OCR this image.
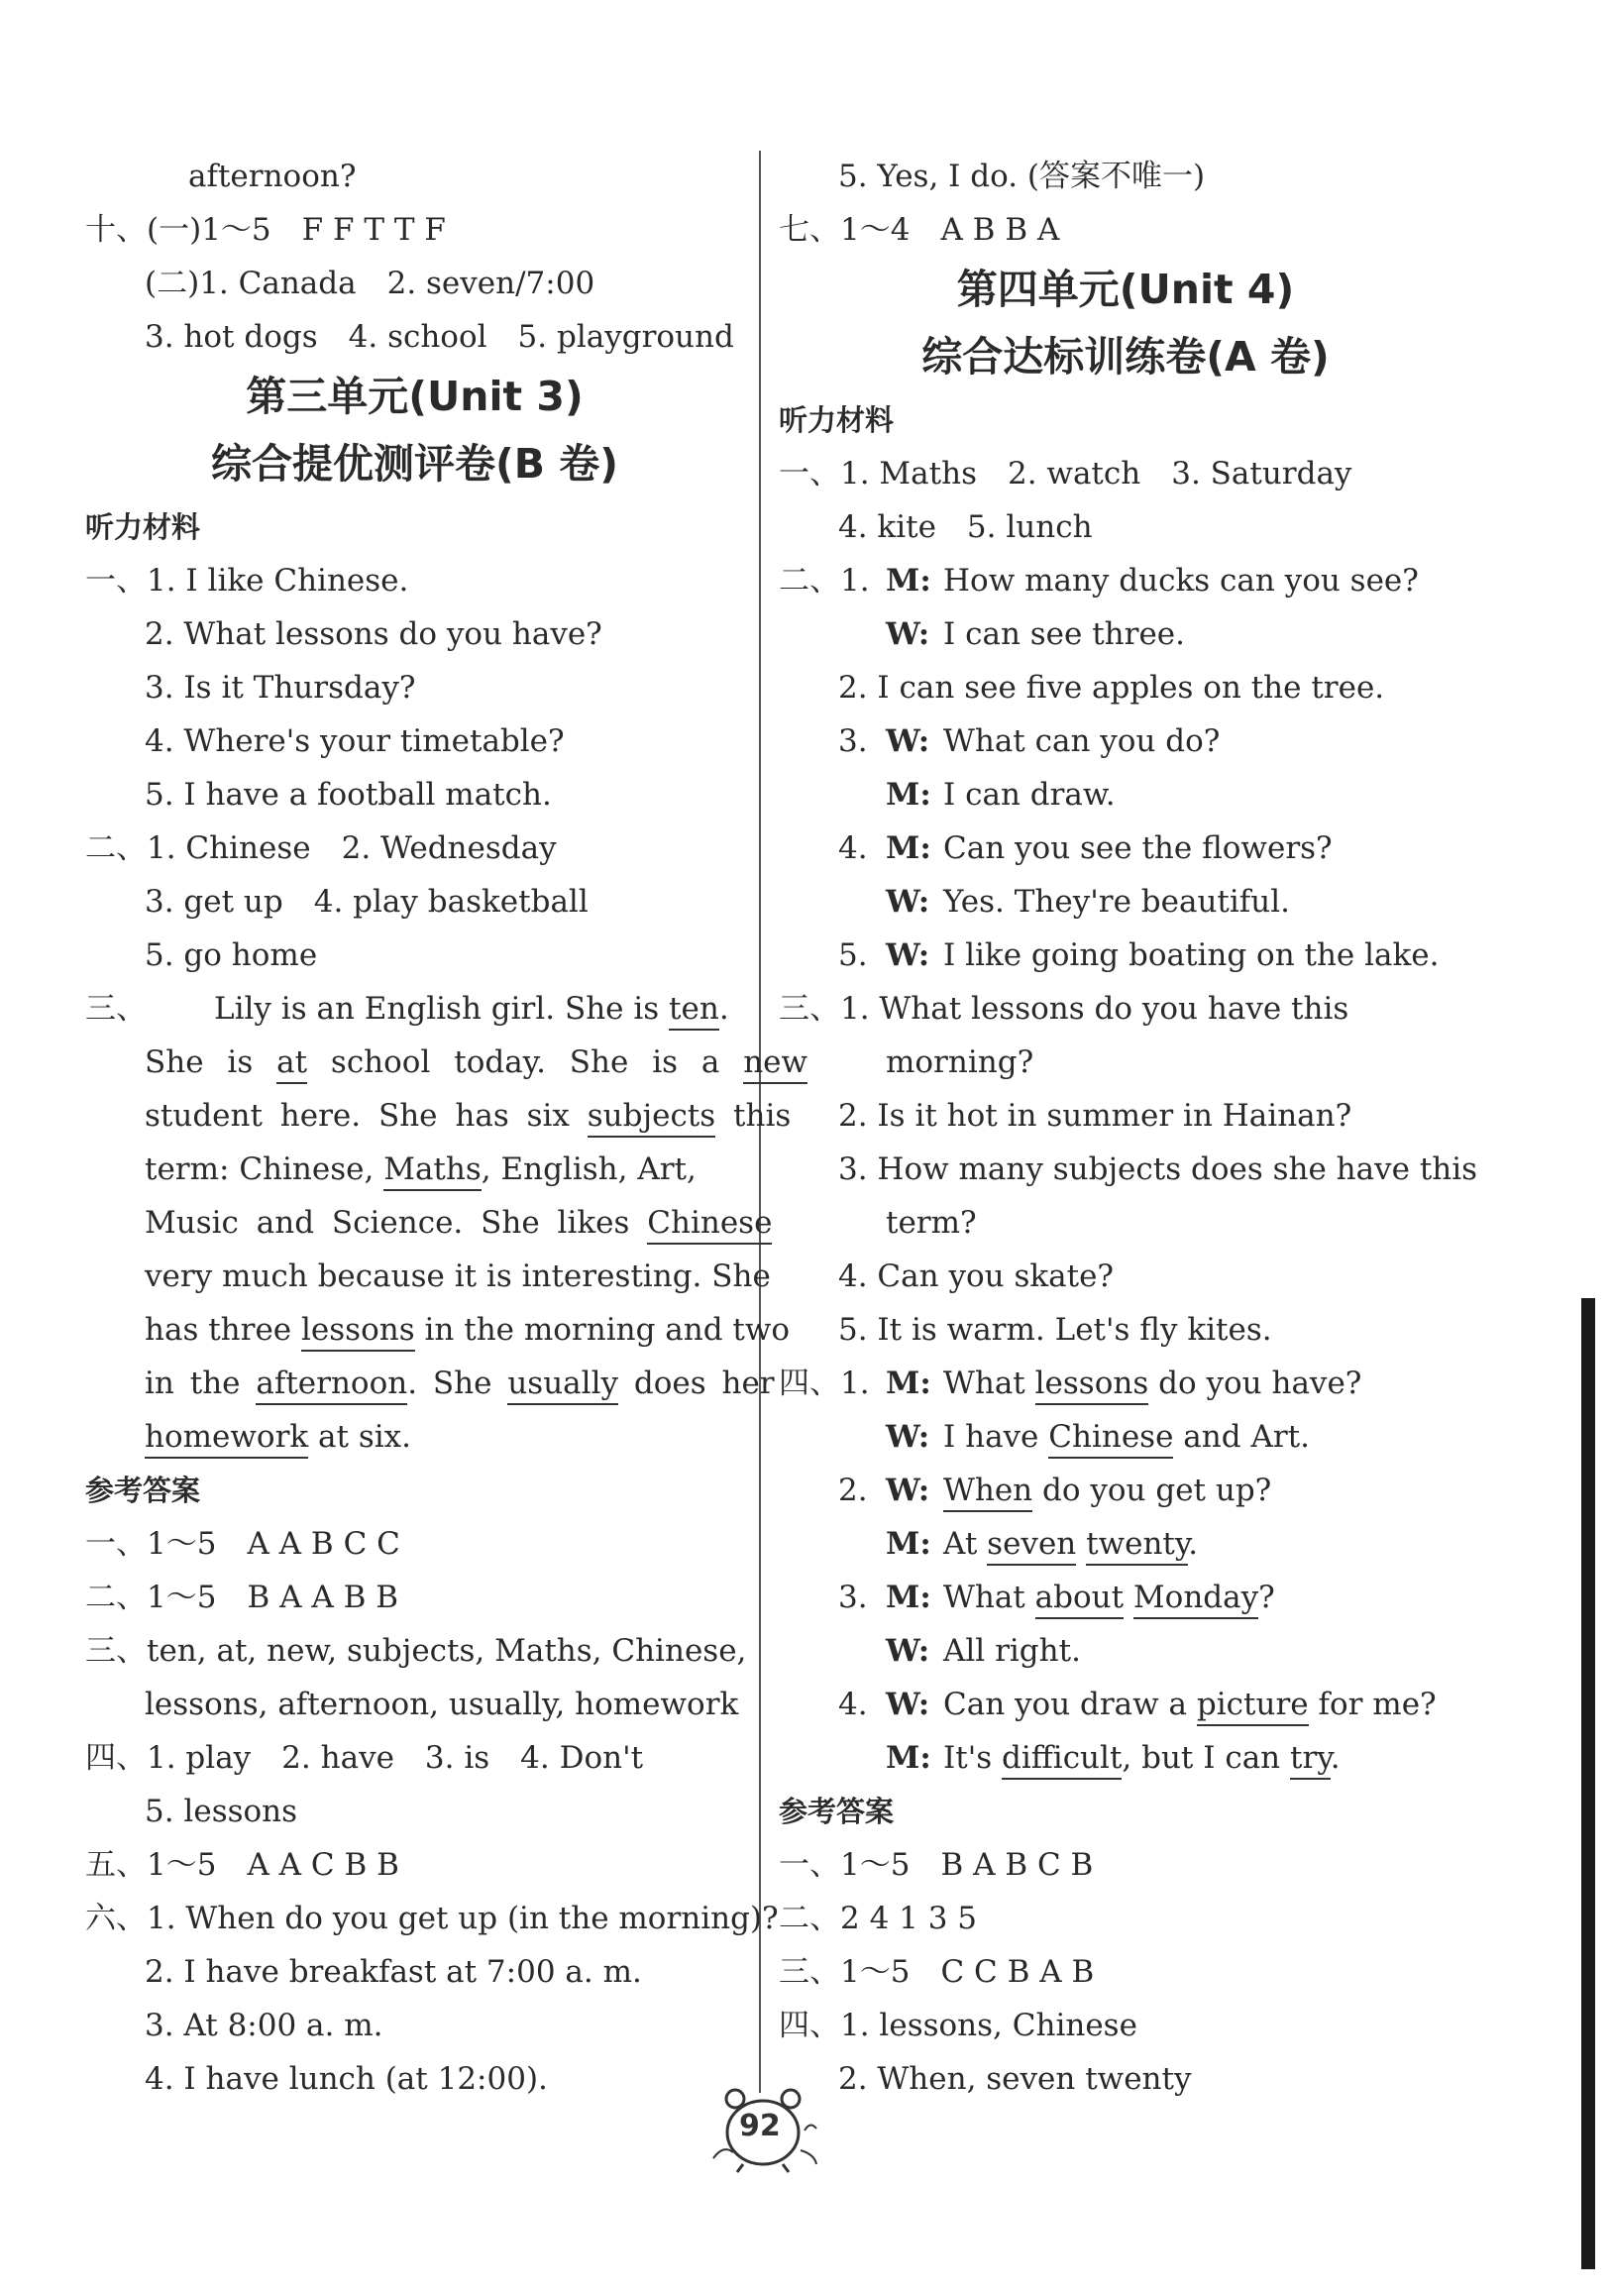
afternoon?
十、(一)1～5　F F T T F
(二)1. Canada　2. seven/7:00
3. hot dogs　4. school　5. playground
第三单元(Unit 3)
综合提优测评卷(B 卷)
听力材料
一、1. I like Chinese.
2. What lessons do you have?
3. Is it Thursday?
4. Where's your timetable?
5. I have a football match.
二、1. Chinese　2. Wednesday
3. get up　4. play basketball
5. go home
三、 Lily is an English girl. She is ten.
She is at school today. She is a new
student here. She has six subjects this
term: Chinese, Maths, English, Art,
Music and Science. She likes Chinese
very much because it is interesting. She
has three lessons in the morning and two
in the afternoon. She usually does her
homework at six.
参考答案
一、1～5　A A B C C
二、1～5　B A A B B
三、ten, at, new, subjects, Maths, Chinese,
lessons, afternoon, usually, homework
四、1. play　2. have　3. is　4. Don't
5. lessons
五、1～5　A A C B B
六、1. When do you get up (in the morning)?
2. I have breakfast at 7:00 a. m.
3. At 8:00 a. m.
4. I have lunch (at 12:00).
5. Yes, I do. (答案不唯一)
七、1～4　A B B A
第四单元(Unit 4)
综合达标训练卷(A 卷)
听力材料
一、1. Maths　2. watch　3. Saturday
4. kite　5. lunch
二、1. M: How many ducks can you see?
W: I can see three.
2. I can see five apples on the tree.
3. W: What can you do?
M: I can draw.
4. M: Can you see the flowers?
W: Yes. They're beautiful.
5. W: I like going boating on the lake.
三、1. What lessons do you have this
morning?
2. Is it hot in summer in Hainan?
3. How many subjects does she have this
term?
4. Can you skate?
5. It is warm. Let's fly kites.
四、1. M: What lessons do you have?
W: I have Chinese and Art.
2. W: When do you get up?
M: At seven twenty.
3. M: What about Monday?
W: All right.
4. W: Can you draw a picture for me?
M: It's difficult, but I can try.
参考答案
一、1～5　B A B C B
二、2 4 1 3 5
三、1～5　C C B A B
四、1. lessons, Chinese
2. When, seven twenty
92
